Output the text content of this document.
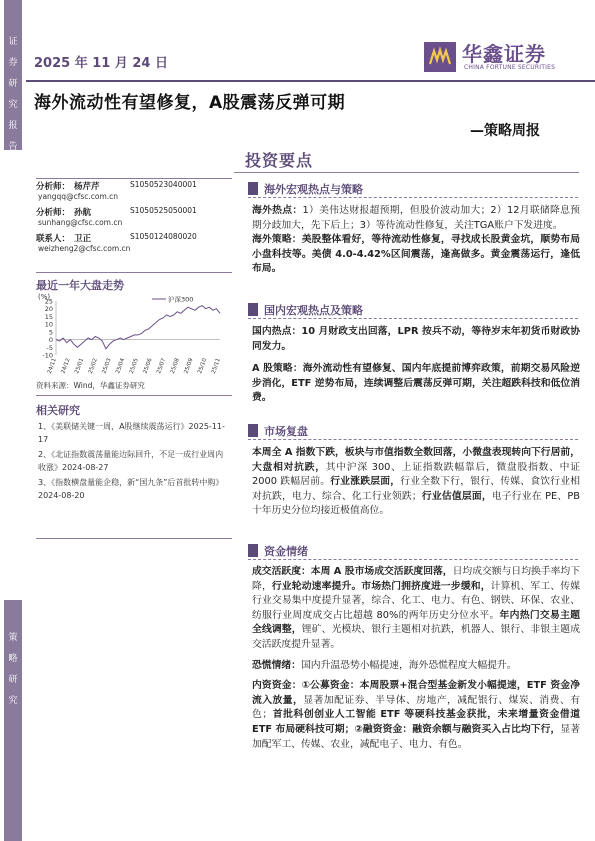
证
券
研
究
报
告
策
略
研
究
2025 年 11 月 24 日	华鑫证券
CHINA FORTUNE SECURITIES
海外流动性有望修复，A股震荡反弹可期
—策略周报
投资要点
分析师： 杨芹芹	S1050523040001
yangqq@cfsc.com.cn
分析师： 孙航	S1050525050001
sunhang@cfsc.com.cn
联系人： 卫正	S1050124080020
weizheng2@cfsc.com.cn
最近一年大盘走势
(%)
25
20
15
10
5
0
-5
-10
24/11 24/12 25/01 25/02 25/03 25/04 25/05 25/06 25/07 25/08 25/09 25/10 25/11
沪深300
资料来源：Wind，华鑫证券研究
相关研究
1、《美联储关键一周，A股继续震荡运行》2025-11-17
2、《北证指数震荡量能边际回升，不足一成行业周内收涨》2024-08-27
3、《指数横盘量能企稳，新“国九条”后首批转中购》2024-08-20
海外宏观热点与策略

海外热点：1）美伟达财报超预期，但股价波动加大；2）12月联储降息预期分歧加大，先下后上；3）等待流动性修复，关注TGA账户下发进度。

海外策略：美股整体看好，等待流动性修复，寻找成长股黄金坑，顺势布局小盘科技等。美债 4.0-4.42%区间震荡，逢高做多。黄金震荡运行，逢低布局。

国内宏观热点及策略

国内热点：10 月财政支出回落，LPR 按兵不动，等待岁末年初货币财政协同发力。

A 股策略：海外流动性有望修复、国内年底提前博弈政策，前期交易风险逆步消化，ETF 逆势布局，连续调整后震荡反弹可期，关注超跌科技和低位消费。

市场复盘

本周全 A 指数下跌，板块与市值指数全数回落，小微盘表现转向下行居前，大盘相对抗跌，其中沪深 300、上证指数跌幅靠后，微盘股指数、中证 2000 跌幅居前。行业涨跌层面，行业全数下行，银行、传媒、食饮行业相对抗跌，电力、综合、化工行业领跌；行业估值层面，电子行业在 PE、PB 十年历史分位均接近极值高位。

资金情绪

成交活跃度：本周 A 股市场成交活跃度回落，日均成交额与日均换手率均下降，行业轮动速率提升。市场热门拥挤度进一步缓和，计算机、军工、传媒行业交易集中度提升显著，综合、化工、电力、有色、钢铁、环保、农业、纺服行业周度成交占比超越 80%的两年历史分位水平。年内热门交易主题全线调整，锂矿、光模块、银行主题相对抗跌，机器人、银行、非银主题成交活跃度提升显著。

恐慌情绪：国内升温恐势小幅提速，海外恐慌程度大幅提升。

内资资金：①公募资金：本周股票+混合型基金新发小幅提速，ETF 资金净流入放量，显著加配证券、半导体、房地产，减配银行、煤炭、消费、有色；首批科创创业人工智能 ETF 等硬科技基金获批，未来增量资金借道 ETF 布局硬科技可期；②融资资金：融资余额与融资买入占比均下行，显著加配军工、传媒、农业，减配电子、电力、有色。
